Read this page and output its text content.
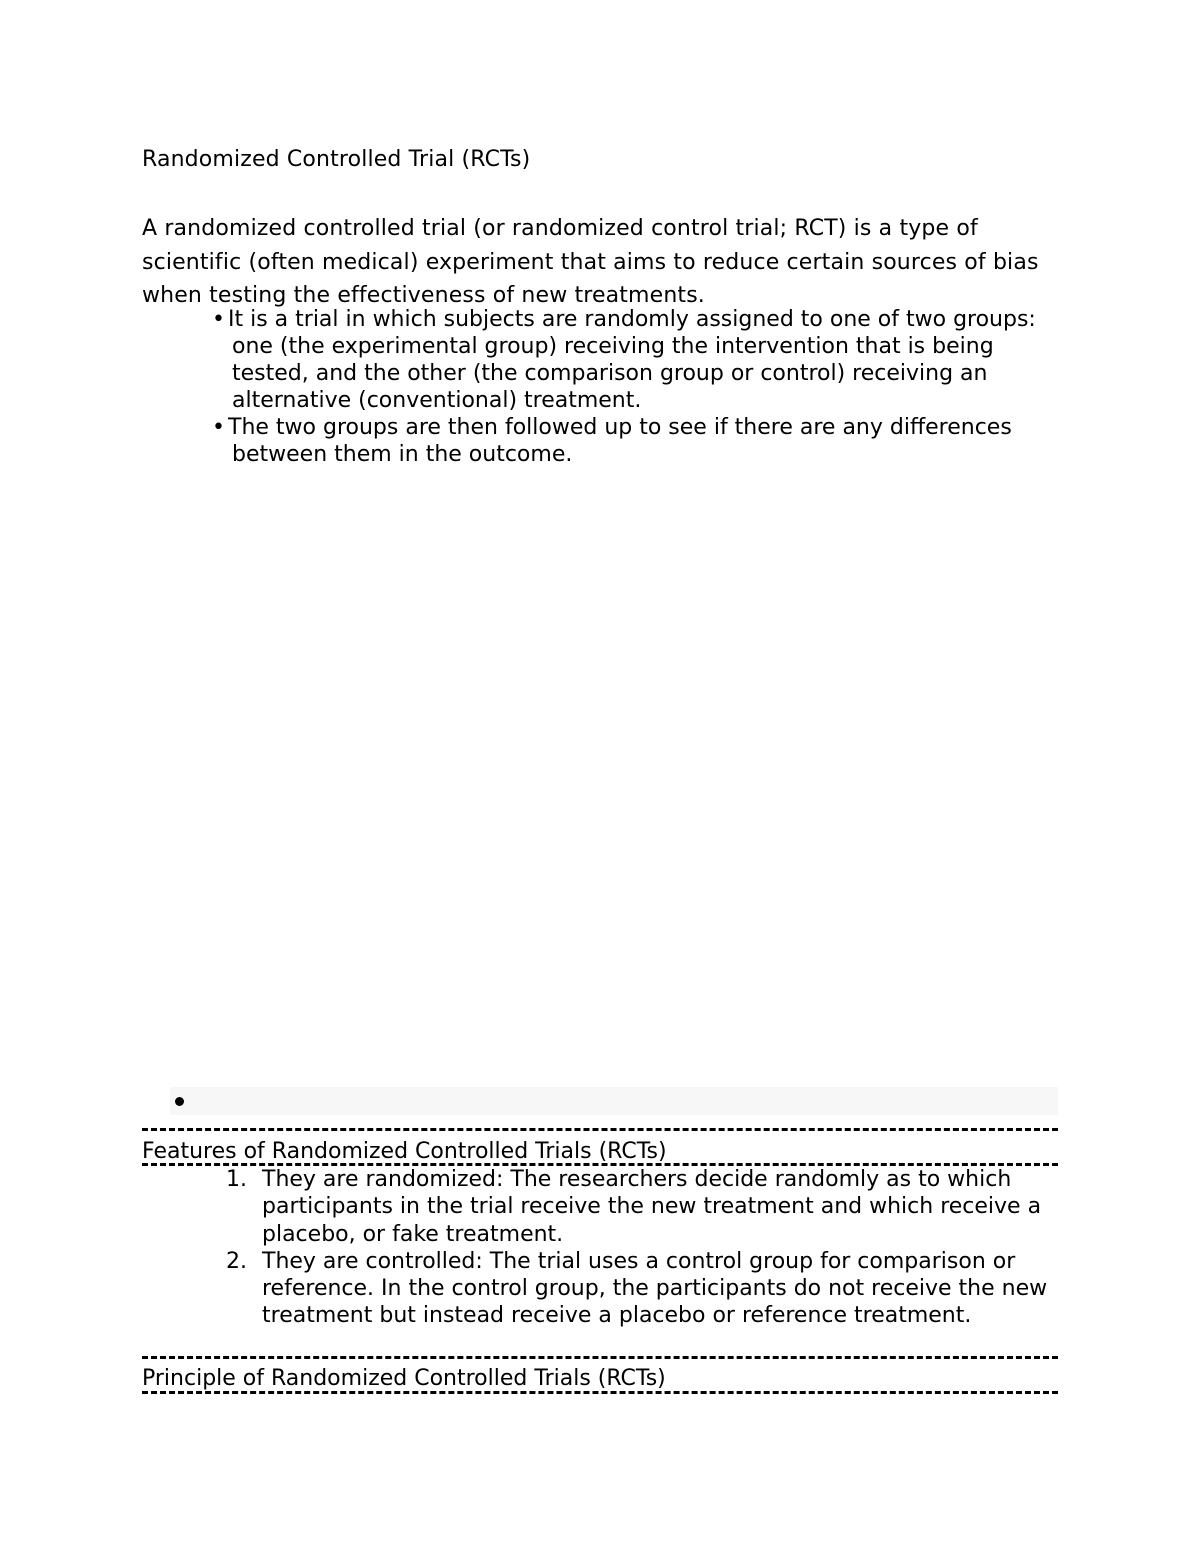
Randomized Controlled Trial (RCTs)

A randomized controlled trial (or randomized control trial; RCT) is a type of scientific (often medical) experiment that aims to reduce certain sources of bias when testing the effectiveness of new treatments.

• It is a trial in which subjects are randomly assigned to one of two groups: one (the experimental group) receiving the intervention that is being tested, and the other (the comparison group or control) receiving an alternative (conventional) treatment.
• The two groups are then followed up to see if there are any differences between them in the outcome.
Features of Randomized Controlled Trials (RCTs)
1. They are randomized: The researchers decide randomly as to which participants in the trial receive the new treatment and which receive a placebo, or fake treatment.
2. They are controlled: The trial uses a control group for comparison or reference. In the control group, the participants do not receive the new treatment but instead receive a placebo or reference treatment.
Principle of Randomized Controlled Trials (RCTs)
